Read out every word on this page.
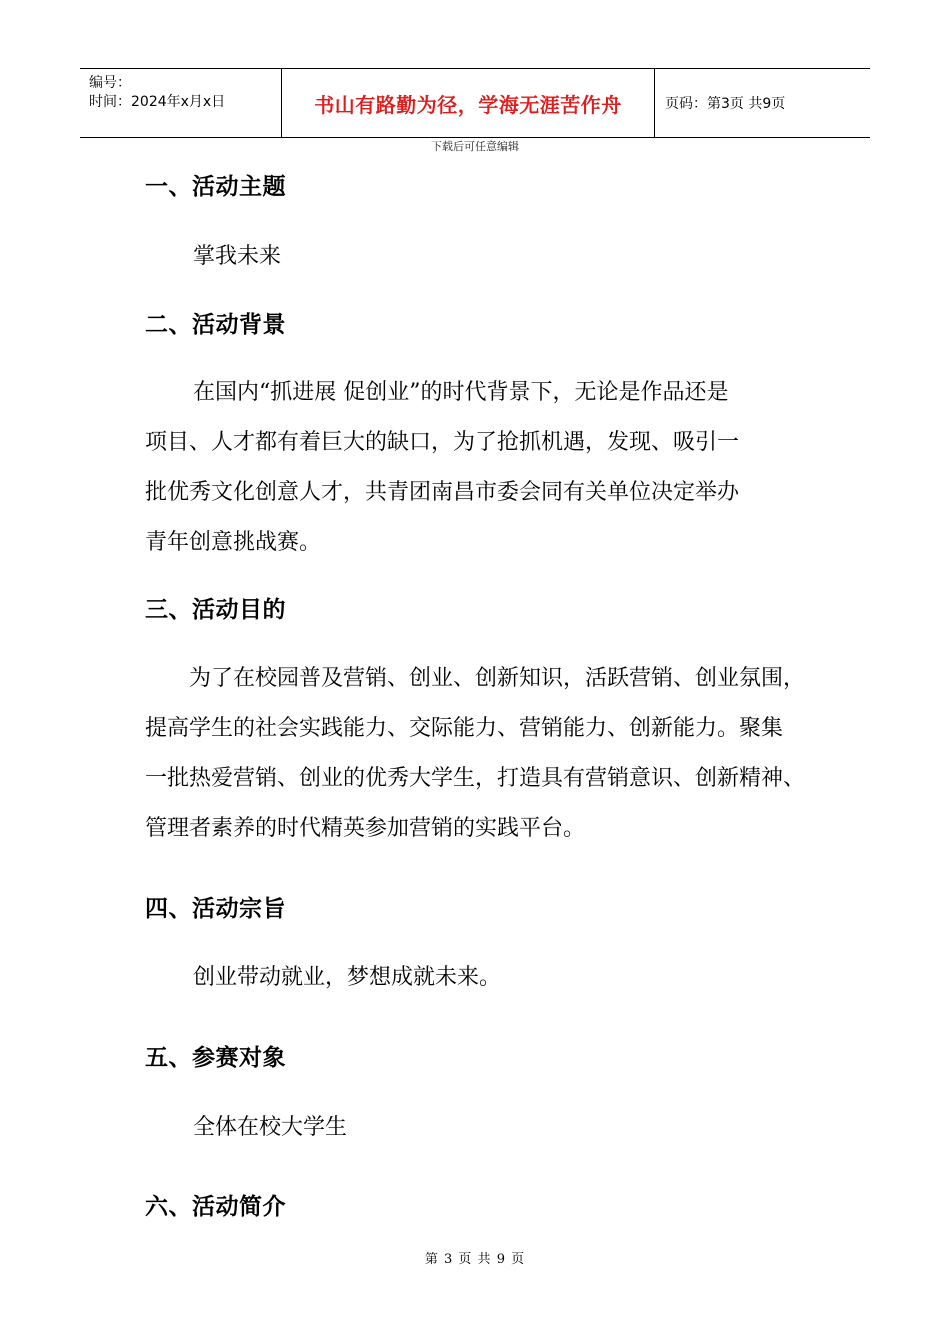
编号：
时间：2024年x月x日	书山有路勤为径，学海无涯苦作舟	页码：第3页 共9页
下载后可任意编辑
一、活动主题
掌我未来
二、活动背景
在国内“抓进展 促创业”的时代背景下，无论是作品还是
项目、人才都有着巨大的缺口，为了抢抓机遇，发现、吸引一
批优秀文化创意人才，共青团南昌市委会同有关单位决定举办
青年创意挑战赛。
三、活动目的
为了在校园普及营销、创业、创新知识，活跃营销、创业氛围，
提高学生的社会实践能力、交际能力、营销能力、创新能力。聚集
一批热爱营销、创业的优秀大学生，打造具有营销意识、创新精神、
管理者素养的时代精英参加营销的实践平台。
四、活动宗旨
创业带动就业，梦想成就未来。
五、参赛对象
全体在校大学生
六、活动简介
第 3 页 共 9 页
